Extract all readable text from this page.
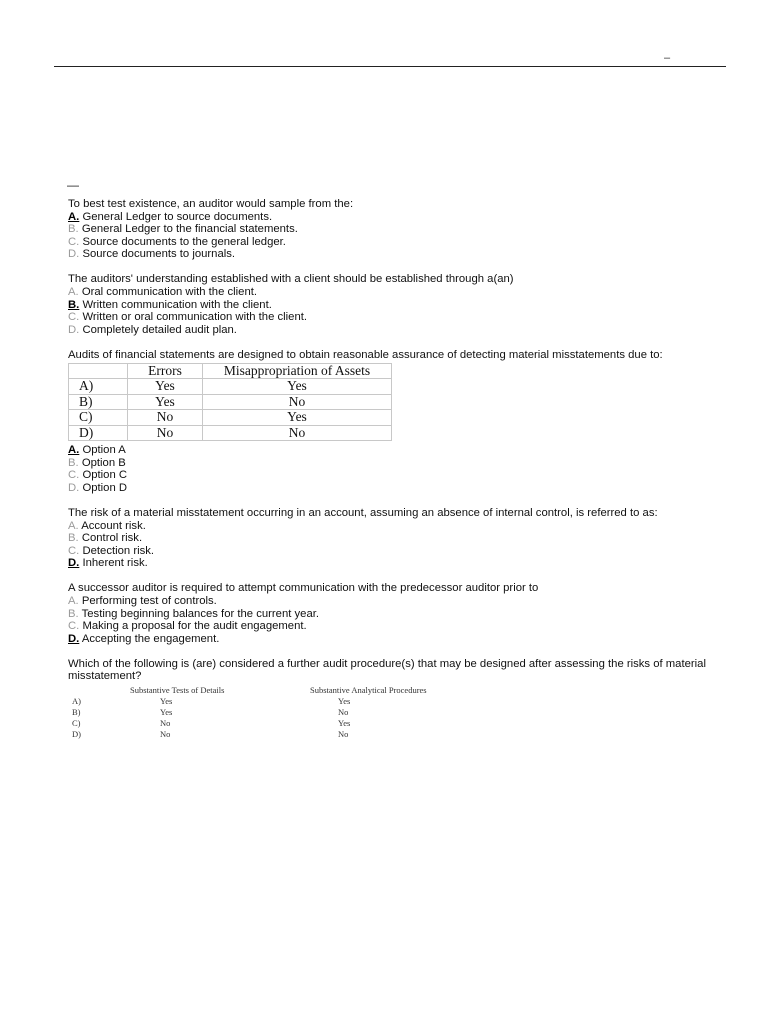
–
—
To best test existence, an auditor would sample from the:
A. General Ledger to source documents.
B. General Ledger to the financial statements.
C. Source documents to the general ledger.
D. Source documents to journals.
The auditors' understanding established with a client should be established through a(an)
A. Oral communication with the client.
B. Written communication with the client.
C. Written or oral communication with the client.
D. Completely detailed audit plan.
Audits of financial statements are designed to obtain reasonable assurance of detecting material misstatements due to:
	Errors	Misappropriation of Assets
A)	Yes	Yes
B)	Yes	No
C)	No	Yes
D)	No	No
A. Option A
B. Option B
C. Option C
D. Option D
The risk of a material misstatement occurring in an account, assuming an absence of internal control, is referred to as:
A. Account risk.
B. Control risk.
C. Detection risk.
D. Inherent risk.
A successor auditor is required to attempt communication with the predecessor auditor prior to
A. Performing test of controls.
B. Testing beginning balances for the current year.
C. Making a proposal for the audit engagement.
D. Accepting the engagement.
Which of the following is (are) considered a further audit procedure(s) that may be designed after assessing the risks of material misstatement?
	Substantive Tests of Details	Substantive Analytical Procedures
A)	Yes	Yes
B)	Yes	No
C)	No	Yes
D)	No	No
